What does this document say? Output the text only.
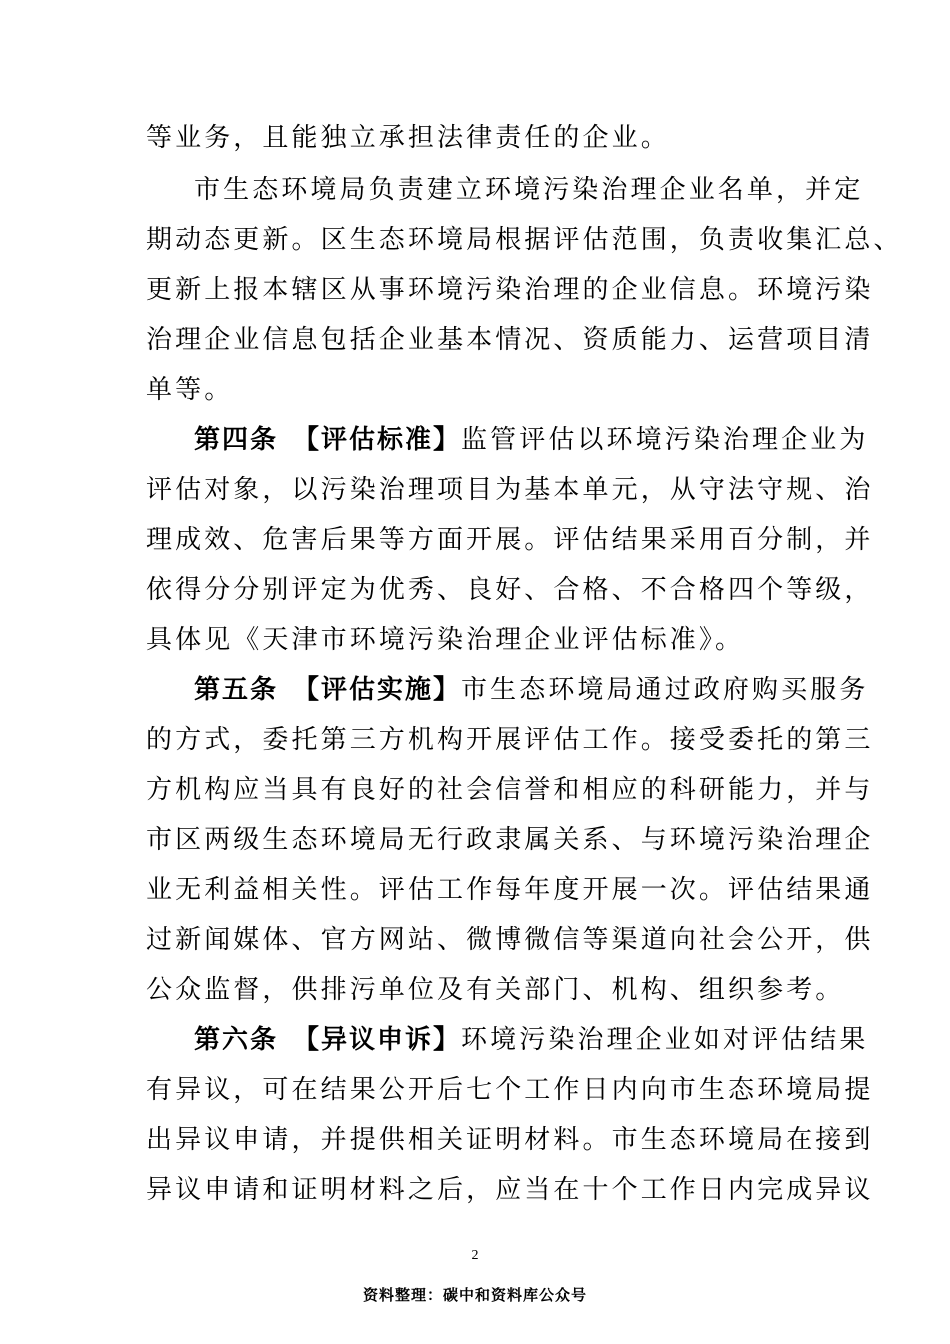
等业务，且能独立承担法律责任的企业。
市生态环境局负责建立环境污染治理企业名单，并定
期动态更新。区生态环境局根据评估范围，负责收集汇总、
更新上报本辖区从事环境污染治理的企业信息。环境污染
治理企业信息包括企业基本情况、资质能力、运营项目清
单等。
第四条　【评估标准】监管评估以环境污染治理企业为
评估对象，以污染治理项目为基本单元，从守法守规、治
理成效、危害后果等方面开展。评估结果采用百分制，并
依得分分别评定为优秀、良好、合格、不合格四个等级，
具体见《天津市环境污染治理企业评估标准》。
第五条　【评估实施】市生态环境局通过政府购买服务
的方式，委托第三方机构开展评估工作。接受委托的第三
方机构应当具有良好的社会信誉和相应的科研能力，并与
市区两级生态环境局无行政隶属关系、与环境污染治理企
业无利益相关性。评估工作每年度开展一次。评估结果通
过新闻媒体、官方网站、微博微信等渠道向社会公开，供
公众监督，供排污单位及有关部门、机构、组织参考。
第六条　【异议申诉】环境污染治理企业如对评估结果
有异议，可在结果公开后七个工作日内向市生态环境局提
出异议申请，并提供相关证明材料。市生态环境局在接到
异议申请和证明材料之后，应当在十个工作日内完成异议
2
资料整理：碳中和资料库公众号
